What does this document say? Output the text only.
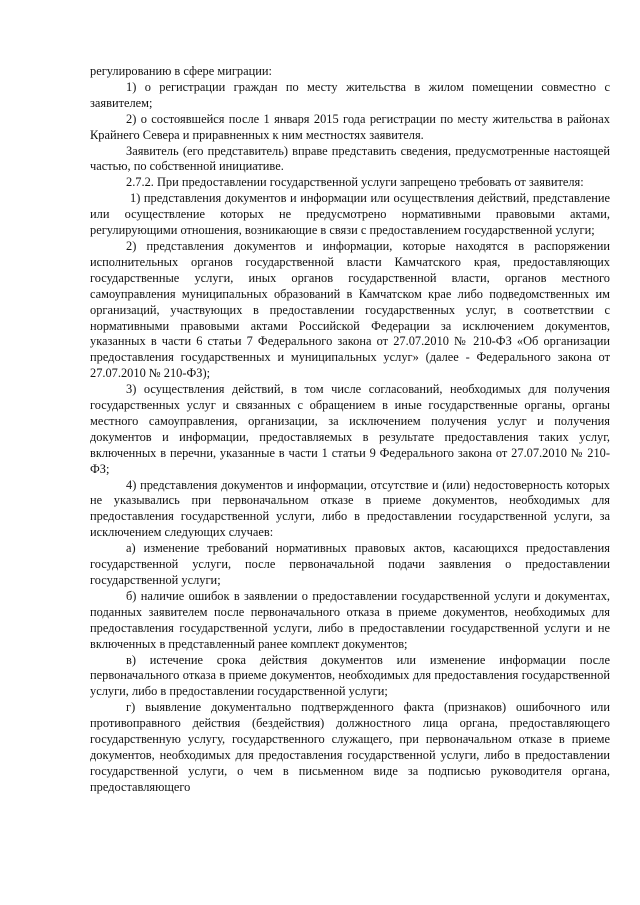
регулированию в сфере миграции:

1) о регистрации граждан по месту жительства в жилом помещении совместно с заявителем;

2) о состоявшейся после 1 января 2015 года регистрации по месту жительства в районах Крайнего Севера и приравненных к ним местностях заявителя.

Заявитель (его представитель) вправе представить сведения, предусмотренные настоящей частью, по собственной инициативе.

2.7.2. При предоставлении государственной услуги запрещено требовать от заявителя:

1) представления документов и информации или осуществления действий, представление или осуществление которых не предусмотрено нормативными правовыми актами, регулирующими отношения, возникающие в связи с предоставлением государственной услуги;

2) представления документов и информации, которые находятся в распоряжении исполнительных органов государственной власти Камчатского края, предоставляющих государственные услуги, иных органов государственной власти, органов местного самоуправления муниципальных образований в Камчатском крае либо подведомственных им организаций, участвующих в предоставлении государственных услуг, в соответствии с нормативными правовыми актами Российской Федерации за исключением документов, указанных в части 6 статьи 7 Федерального закона от 27.07.2010 № 210-ФЗ «Об организации предоставления государственных и муниципальных услуг» (далее - Федерального закона от 27.07.2010 № 210-ФЗ);

3) осуществления действий, в том числе согласований, необходимых для получения государственных услуг и связанных с обращением в иные государственные органы, органы местного самоуправления, организации, за исключением получения услуг и получения документов и информации, предоставляемых в результате предоставления таких услуг, включенных в перечни, указанные в части 1 статьи 9 Федерального закона от 27.07.2010 № 210-ФЗ;

4) представления документов и информации, отсутствие и (или) недостоверность которых не указывались при первоначальном отказе в приеме документов, необходимых для предоставления государственной услуги, либо в предоставлении государственной услуги, за исключением следующих случаев:

а) изменение требований нормативных правовых актов, касающихся предоставления государственной услуги, после первоначальной подачи заявления о предоставлении государственной услуги;

б) наличие ошибок в заявлении о предоставлении государственной услуги и документах, поданных заявителем после первоначального отказа в приеме документов, необходимых для предоставления государственной услуги, либо в предоставлении государственной услуги и не включенных в представленный ранее комплект документов;

в) истечение срока действия документов или изменение информации после первоначального отказа в приеме документов, необходимых для предоставления государственной услуги, либо в предоставлении государственной услуги;

г) выявление документально подтвержденного факта (признаков) ошибочного или противоправного действия (бездействия) должностного лица органа, предоставляющего государственную услугу, государственного служащего, при первоначальном отказе в приеме документов, необходимых для предоставления государственной услуги, либо в предоставлении государственной услуги, о чем в письменном виде за подписью руководителя органа, предоставляющего
